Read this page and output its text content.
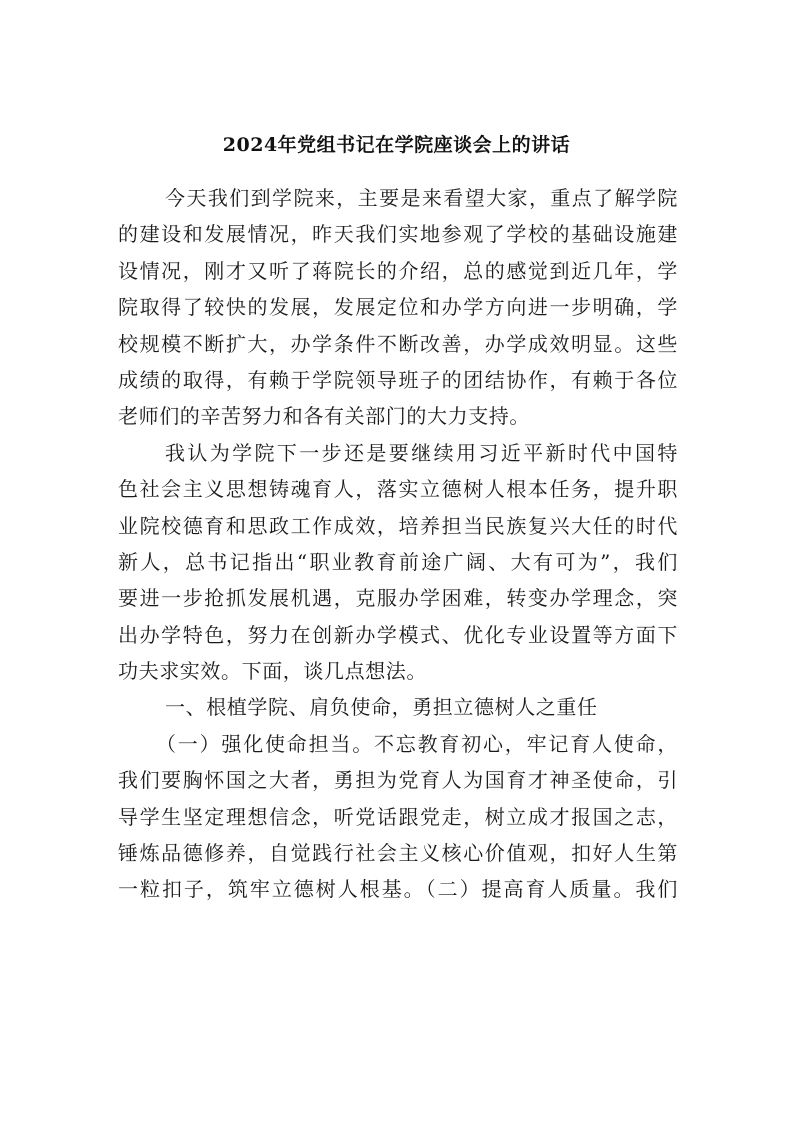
2024年党组书记在学院座谈会上的讲话
今天我们到学院来，主要是来看望大家，重点了解学院
的建设和发展情况，昨天我们实地参观了学校的基础设施建
设情况，刚才又听了蒋院长的介绍，总的感觉到近几年，学
院取得了较快的发展，发展定位和办学方向进一步明确，学
校规模不断扩大，办学条件不断改善，办学成效明显。这些
成绩的取得，有赖于学院领导班子的团结协作，有赖于各位
老师们的辛苦努力和各有关部门的大力支持。
我认为学院下一步还是要继续用习近平新时代中国特
色社会主义思想铸魂育人，落实立德树人根本任务，提升职
业院校德育和思政工作成效，培养担当民族复兴大任的时代
新人，总书记指出“职业教育前途广阔、大有可为”，我们
要进一步抢抓发展机遇，克服办学困难，转变办学理念，突
出办学特色，努力在创新办学模式、优化专业设置等方面下
功夫求实效。下面，谈几点想法。
一、根植学院、肩负使命，勇担立德树人之重任
（一）强化使命担当。不忘教育初心，牢记育人使命，
我们要胸怀国之大者，勇担为党育人为国育才神圣使命，引
导学生坚定理想信念，听党话跟党走，树立成才报国之志，
锤炼品德修养，自觉践行社会主义核心价值观，扣好人生第
一粒扣子，筑牢立德树人根基。（二）提高育人质量。我们
